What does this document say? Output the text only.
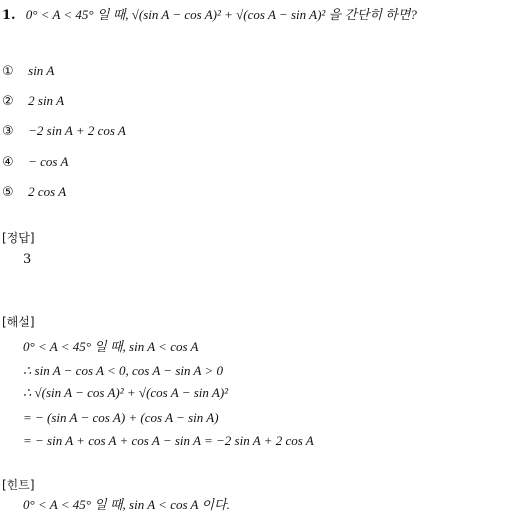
1. 0° < A < 45° 일 때, √(sin A − cos A)² + √(cos A − sin A)² 을 간단히 하면?
① sin A
② 2 sin A
③ −2 sin A + 2 cos A
④ − cos A
⑤ 2 cos A
[정답]
3
[해설]
0° < A < 45° 일 때, sin A < cos A
∴ sin A − cos A < 0, cos A − sin A > 0
∴ √(sin A − cos A)² + √(cos A − sin A)²
= − (sin A − cos A) + (cos A − sin A)
= − sin A + cos A + cos A − sin A = −2 sin A + 2 cos A
[힌트]
0° < A < 45° 일 때, sin A < cos A 이다.
